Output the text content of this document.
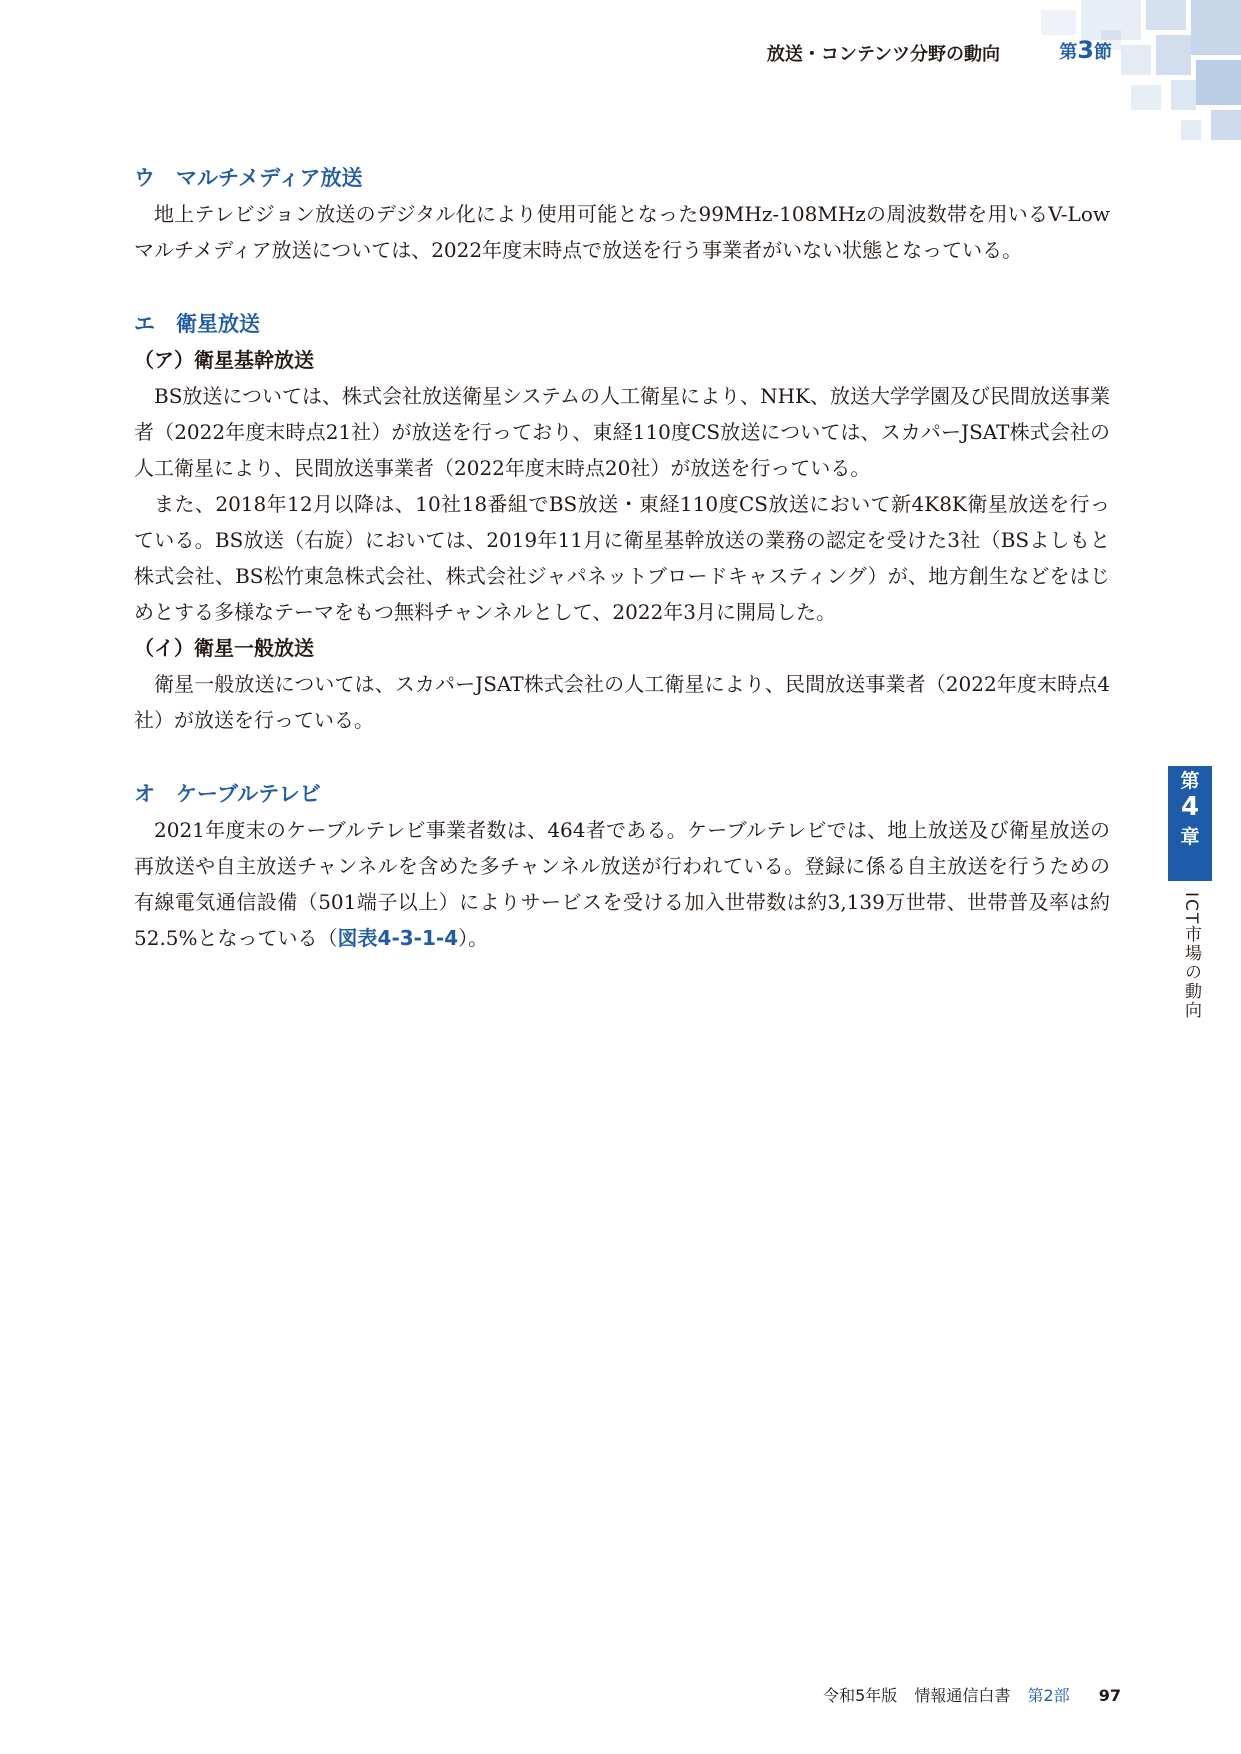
放送・コンテンツ分野の動向	第3節
ウ　マルチメディア放送

地上テレビジョン放送のデジタル化により使用可能となった99MHz-108MHzの周波数帯を用いるV-Lowマルチメディア放送については、2022年度末時点で放送を行う事業者がいない状態となっている。

エ　衛星放送
（ア）衛星基幹放送

BS放送については、株式会社放送衛星システムの人工衛星により、NHK、放送大学学園及び民間放送事業者（2022年度末時点21社）が放送を行っており、東経110度CS放送については、スカパーJSAT株式会社の人工衛星により、民間放送事業者（2022年度末時点20社）が放送を行っている。

また、2018年12月以降は、10社18番組でBS放送・東経110度CS放送において新4K8K衛星放送を行っている。BS放送（右旋）においては、2019年11月に衛星基幹放送の業務の認定を受けた3社（BSよしもと株式会社、BS松竹東急株式会社、株式会社ジャパネットブロードキャスティング）が、地方創生などをはじめとする多様なテーマをもつ無料チャンネルとして、2022年3月に開局した。

（イ）衛星一般放送

衛星一般放送については、スカパーJSAT株式会社の人工衛星により、民間放送事業者（2022年度末時点4社）が放送を行っている。

オ　ケーブルテレビ

2021年度末のケーブルテレビ事業者数は、464者である。ケーブルテレビでは、地上放送及び衛星放送の再放送や自主放送チャンネルを含めた多チャンネル放送が行われている。登録に係る自主放送を行うための有線電気通信設備（501端子以上）によりサービスを受ける加入世帯数は約3,139万世帯、世帯普及率は約52.5%となっている（図表4-3-1-4）。

第
4
章
ICT市場の動向
令和5年版 情報通信白書 第2部 97
